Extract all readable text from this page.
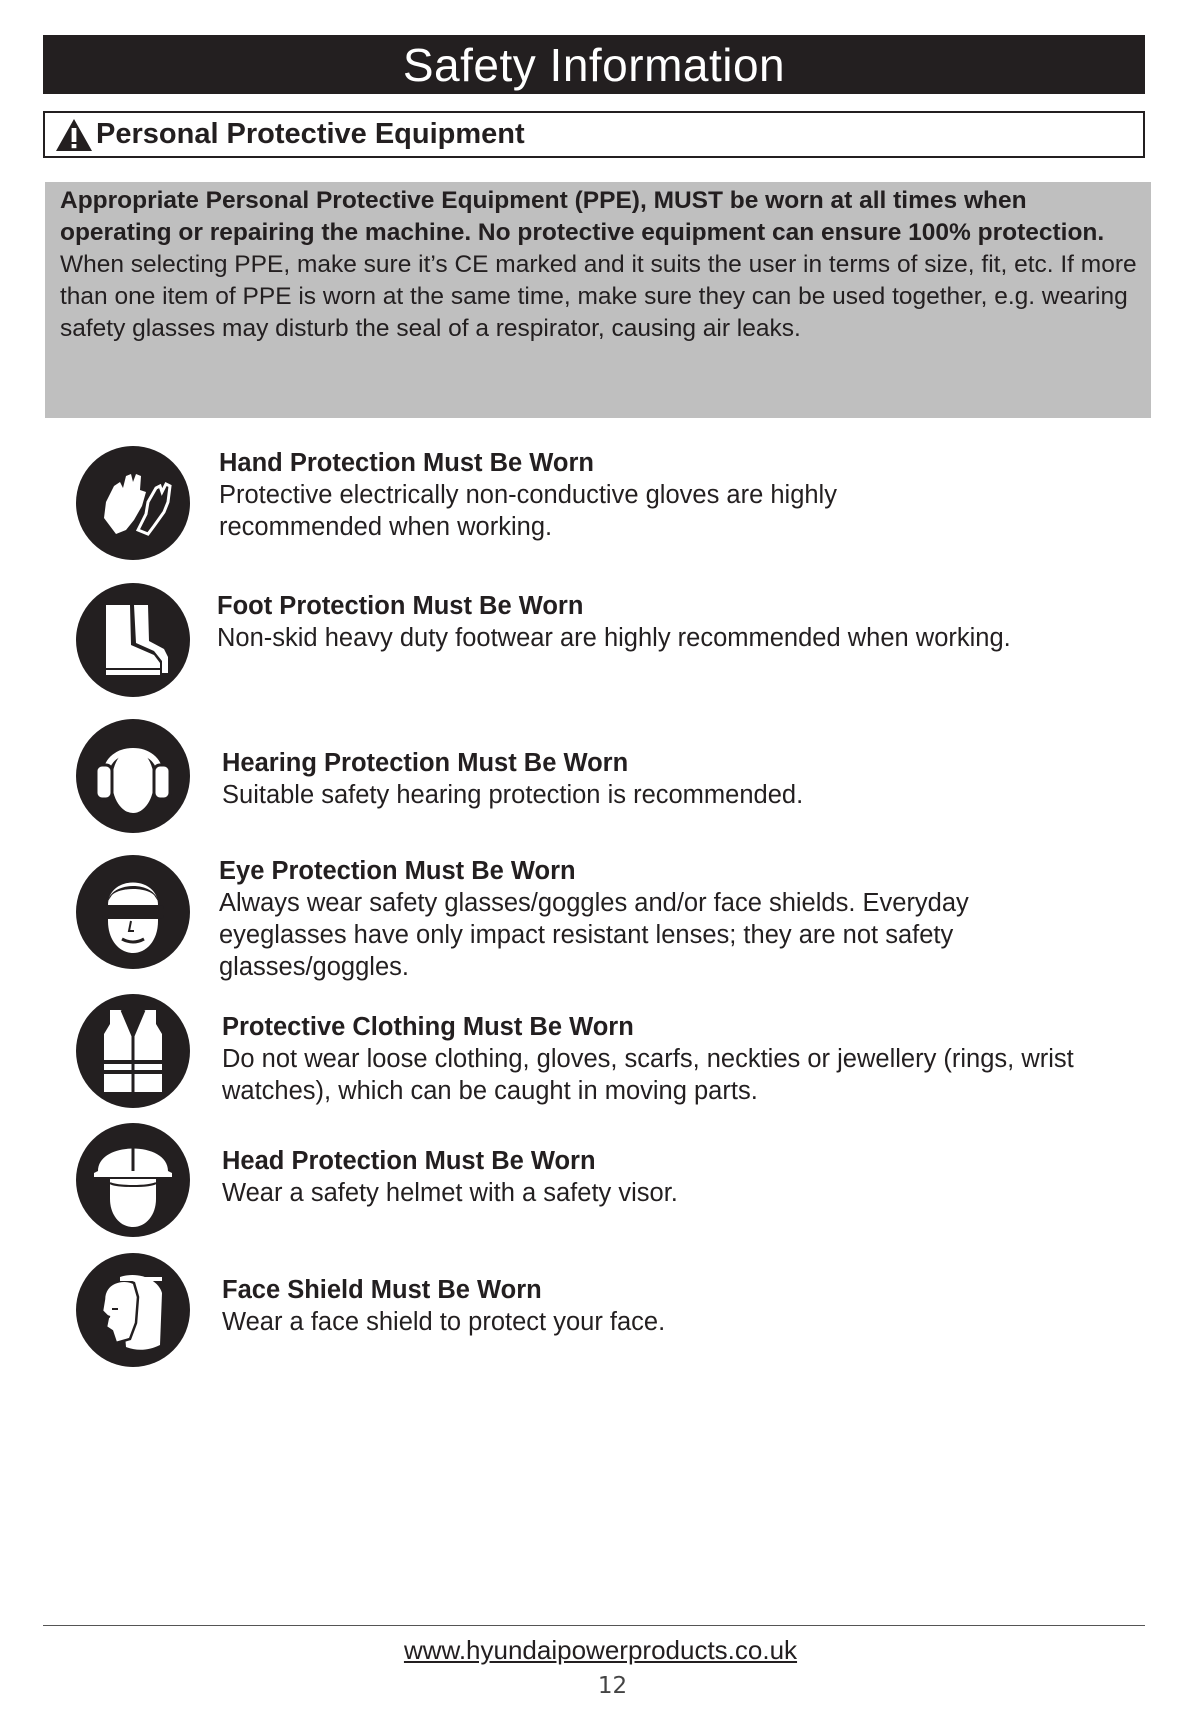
Safety Information
Personal Protective Equipment
Appropriate Personal Protective Equipment (PPE), MUST be worn at all times when operating or repairing the machine. No protective equipment can ensure 100% protection.
When selecting PPE, make sure it’s CE marked and it suits the user in terms of size, fit, etc. If more than one item of PPE is worn at the same time, make sure they can be used together, e.g. wearing safety glasses may disturb the seal of a respirator, causing air leaks.
Hand Protection Must Be Worn
Protective electrically non-conductive gloves are highly recommended when working.
Foot Protection Must Be Worn
Non-skid heavy duty footwear are highly recommended when working.
Hearing Protection Must Be Worn
Suitable safety hearing protection is recommended.
Eye Protection Must Be Worn
Always wear safety glasses/goggles and/or face shields. Everyday eyeglasses have only impact resistant lenses; they are not safety glasses/goggles.
Protective Clothing Must Be Worn
Do not wear loose clothing, gloves, scarfs, neckties or jewellery (rings, wrist watches), which can be caught in moving parts.
Head Protection Must Be Worn
Wear a safety helmet with a safety visor.
Face Shield Must Be Worn
Wear a face shield to protect your face.
www.hyundaipowerproducts.co.uk
12
